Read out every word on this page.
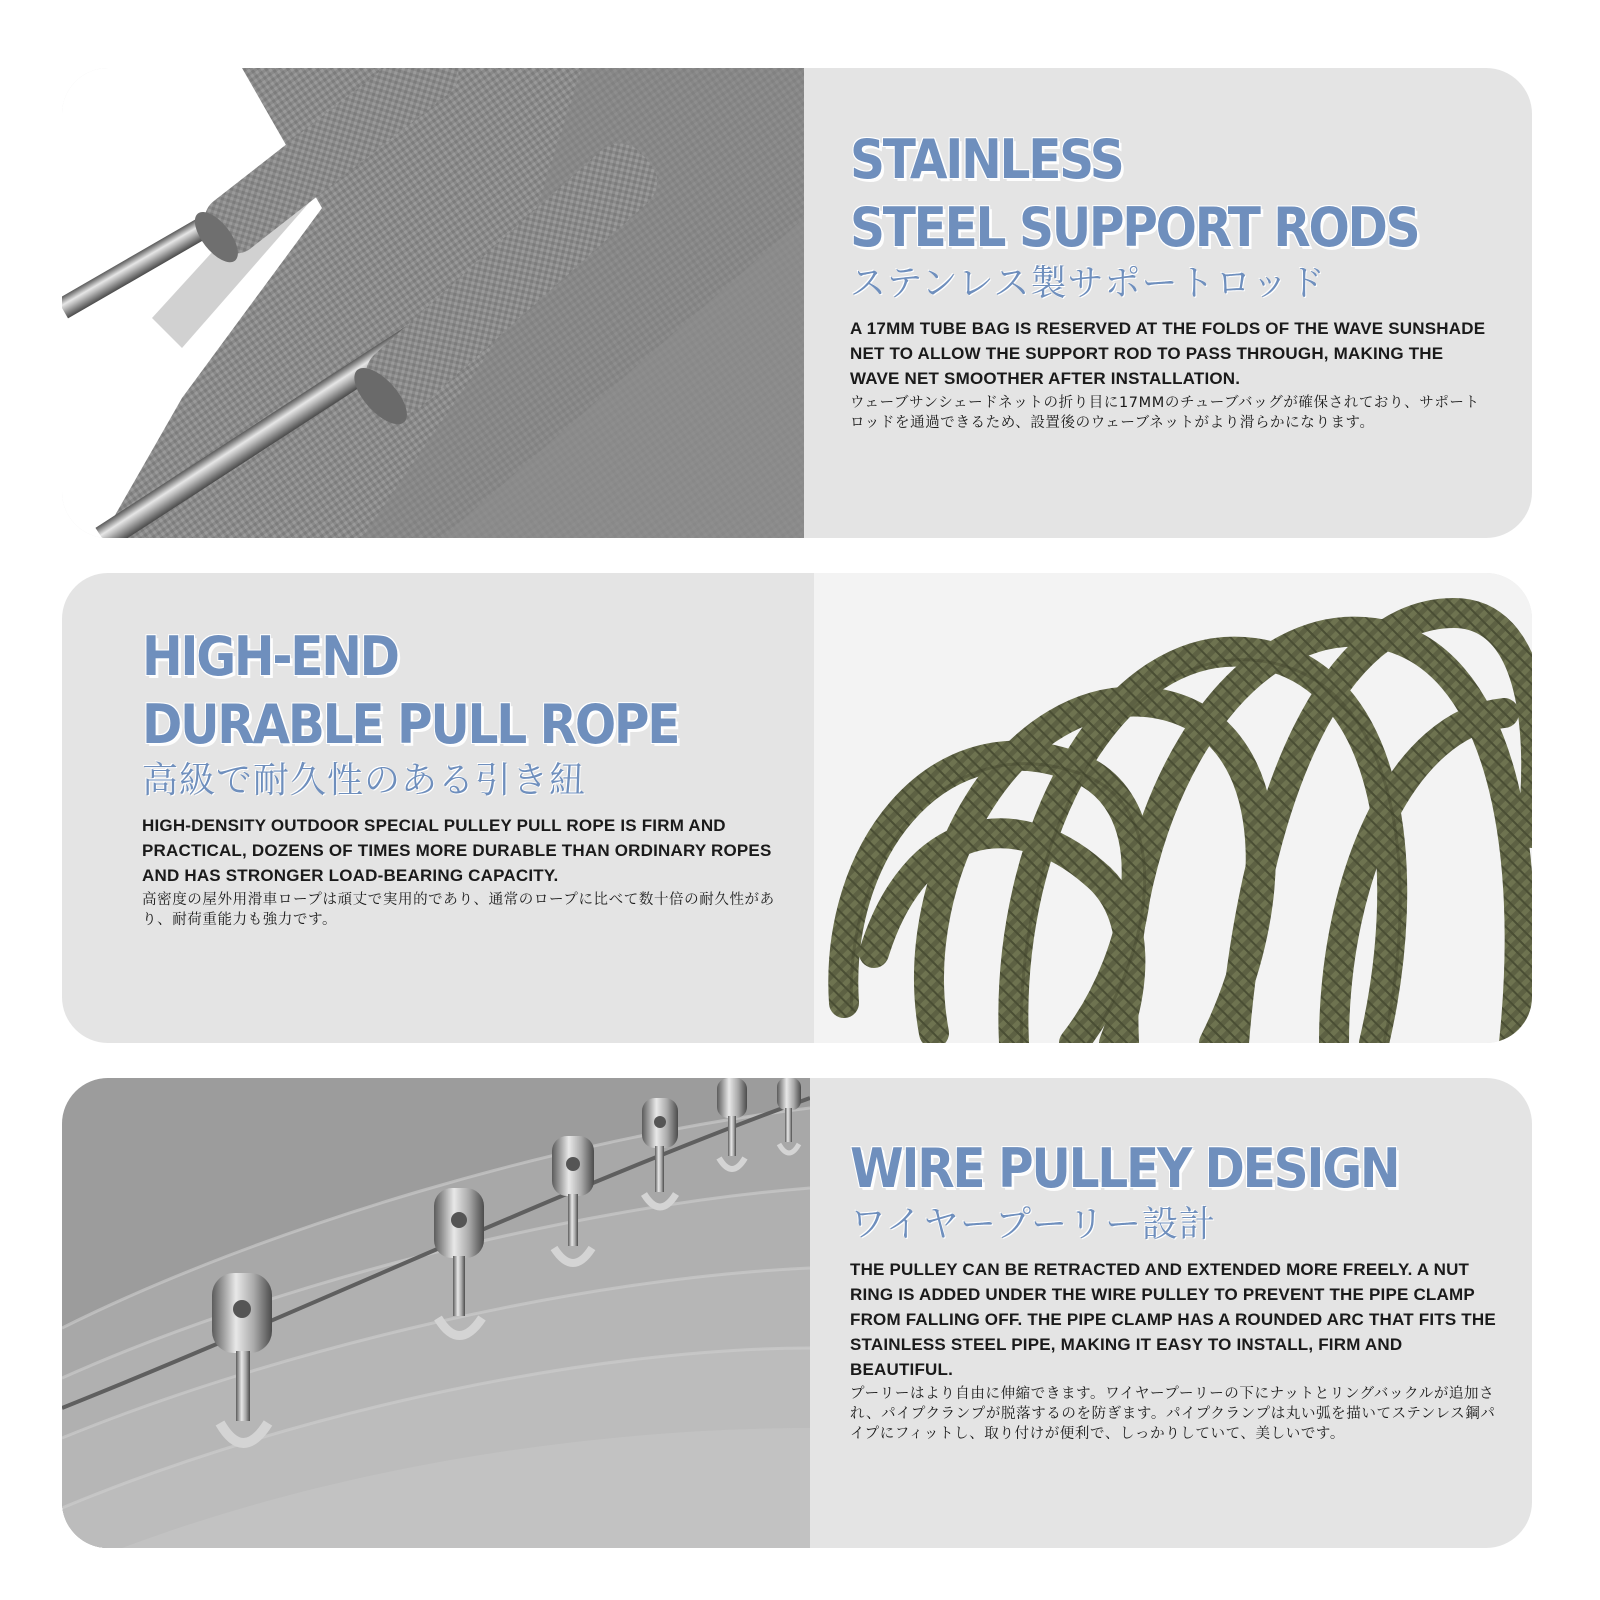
STAINLESS
STEEL SUPPORT RODS

ステンレス製サポートロッド

A 17MM TUBE BAG IS RESERVED AT THE FOLDS OF THE WAVE SUNSHADE NET TO ALLOW THE SUPPORT ROD TO PASS THROUGH, MAKING THE WAVE NET SMOOTHER AFTER INSTALLATION.

ウェーブサンシェードネットの折り目に17MMのチューブバッグが確保されており、サポートロッドを通過できるため、設置後のウェーブネットがより滑らかになります。

HIGH-END
DURABLE PULL ROPE

高級で耐久性のある引き紐

HIGH-DENSITY OUTDOOR SPECIAL PULLEY PULL ROPE IS FIRM AND PRACTICAL, DOZENS OF TIMES MORE DURABLE THAN ORDINARY ROPES AND HAS STRONGER LOAD-BEARING CAPACITY.

高密度の屋外用滑車ロープは頑丈で実用的であり、通常のロープに比べて数十倍の耐久性があり、耐荷重能力も強力です。

WIRE PULLEY DESIGN

ワイヤープーリー設計

THE PULLEY CAN BE RETRACTED AND EXTENDED MORE FREELY. A NUT RING IS ADDED UNDER THE WIRE PULLEY TO PREVENT THE PIPE CLAMP FROM FALLING OFF. THE PIPE CLAMP HAS A ROUNDED ARC THAT FITS THE STAINLESS STEEL PIPE, MAKING IT EASY TO INSTALL, FIRM AND BEAUTIFUL.

プーリーはより自由に伸縮できます。ワイヤープーリーの下にナットとリングバックルが追加され、パイプクランプが脱落するのを防ぎます。パイプクランプは丸い弧を描いてステンレス鋼パイプにフィットし、取り付けが便利で、しっかりしていて、美しいです。
